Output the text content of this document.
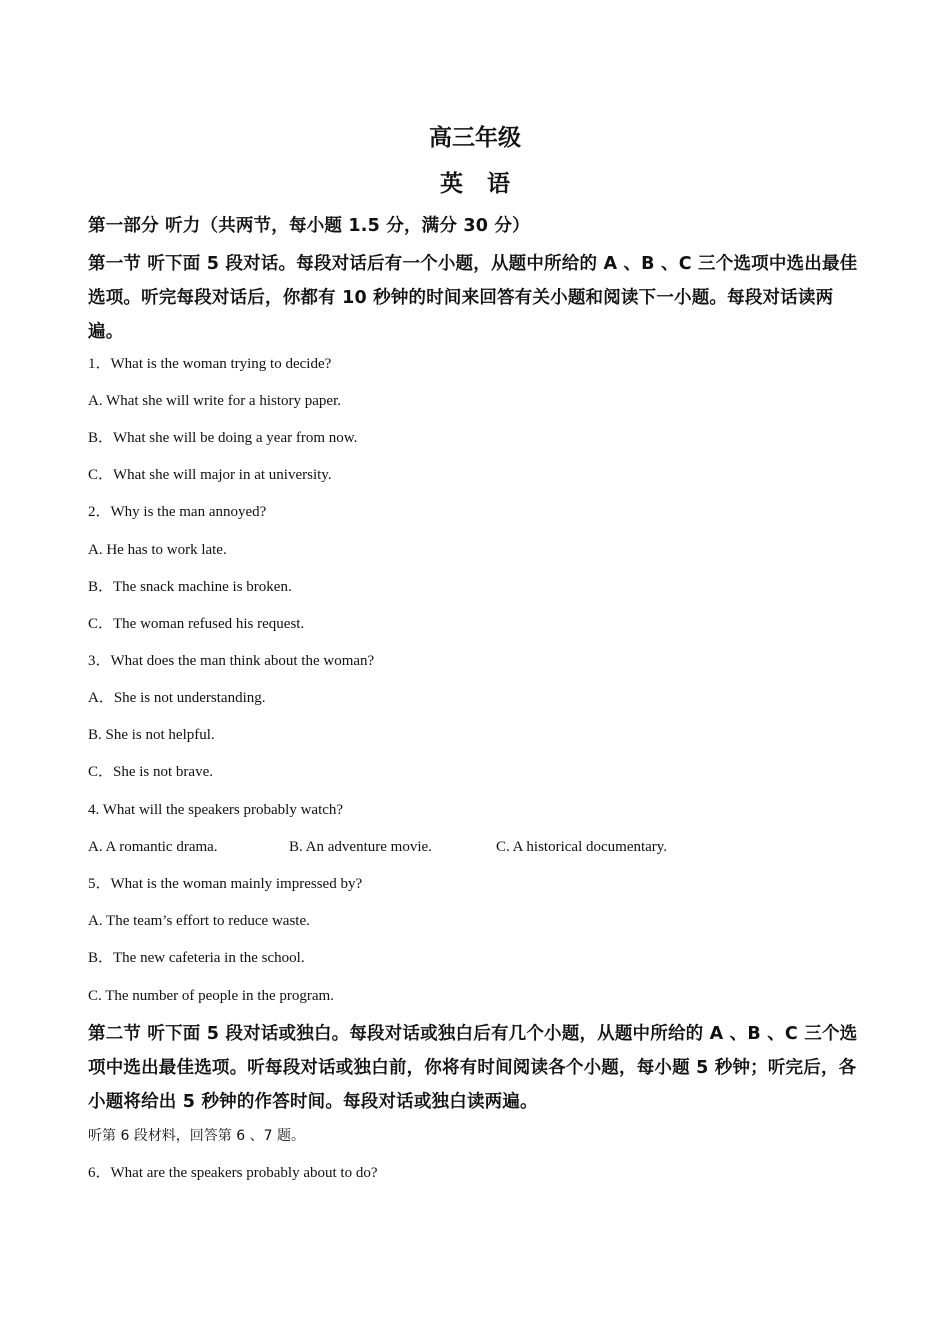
高三年级
英 语
第一部分 听力（共两节，每小题 1.5 分，满分 30 分）
第一节 听下面 5 段对话。每段对话后有一个小题，从题中所给的 A 、B 、C 三个选项中选出最佳选项。听完每段对话后，你都有 10 秒钟的时间来回答有关小题和阅读下一小题。每段对话读两遍。
1．What is the woman trying to decide?
A. What she will write for a history paper.
B．What she will be doing a year from now.
C．What she will major in at university.
2．Why is the man annoyed?
A. He has to work late.
B．The snack machine is broken.
C．The woman refused his request.
3．What does the man think about the woman?
A．She is not understanding.
B. She is not helpful.
C．She is not brave.
4. What will the speakers probably watch?
A. A romantic drama.	B. An adventure movie.	C. A historical documentary.
5．What is the woman mainly impressed by?
A. The team’s effort to reduce waste.
B．The new cafeteria in the school.
C. The number of people in the program.
第二节 听下面 5 段对话或独白。每段对话或独白后有几个小题，从题中所给的 A 、B 、C 三个选项中选出最佳选项。听每段对话或独白前，你将有时间阅读各个小题，每小题 5 秒钟；听完后，各小题将给出 5 秒钟的作答时间。每段对话或独白读两遍。
听第 6 段材料，回答第 6 、7 题。
6．What are the speakers probably about to do?
